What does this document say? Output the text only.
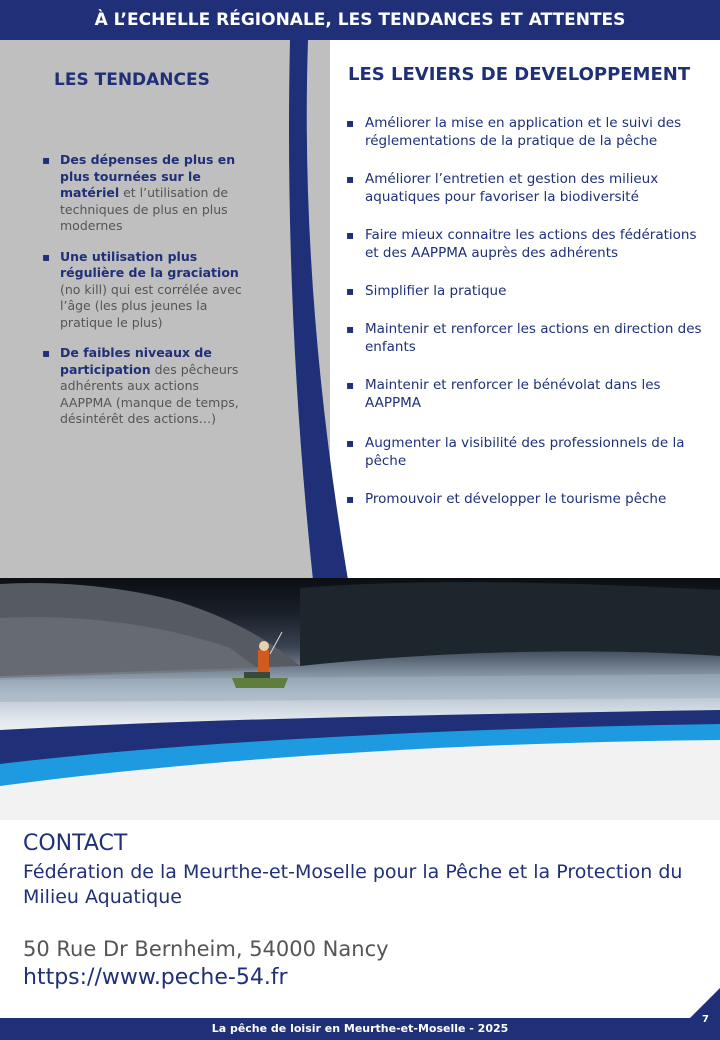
À L’ECHELLE RÉGIONALE, LES TENDANCES ET ATTENTES
LES TENDANCES
▪ Des dépenses de plus en plus tournées sur le matériel et l’utilisation de techniques de plus en plus modernes
▪ Une utilisation plus régulière de la graciation (no kill) qui est corrélée avec l’âge (les plus jeunes la pratique le plus)
▪ De faibles niveaux de participation des pêcheurs adhérents aux actions AAPPMA (manque de temps, désintérêt des actions…)
LES LEVIERS DE DEVELOPPEMENT
▪ Améliorer la mise en application et le suivi des réglementations de la pratique de la pêche
▪ Améliorer l’entretien et gestion des milieux aquatiques pour favoriser la biodiversité
▪ Faire mieux connaitre les actions des fédérations et des AAPPMA auprès des adhérents
▪ Simplifier la pratique
▪ Maintenir et renforcer les actions en direction des enfants
▪ Maintenir et renforcer le bénévolat dans les AAPPMA
▪ Augmenter la visibilité des professionnels de la pêche
▪ Promouvoir et développer le tourisme pêche
CONTACT
Fédération de la Meurthe-et-Moselle pour la Pêche et la Protection du Milieu Aquatique
50 Rue Dr Bernheim, 54000 Nancy
https://www.peche-54.fr
La pêche de loisir en Meurthe-et-Moselle - 2025
7
